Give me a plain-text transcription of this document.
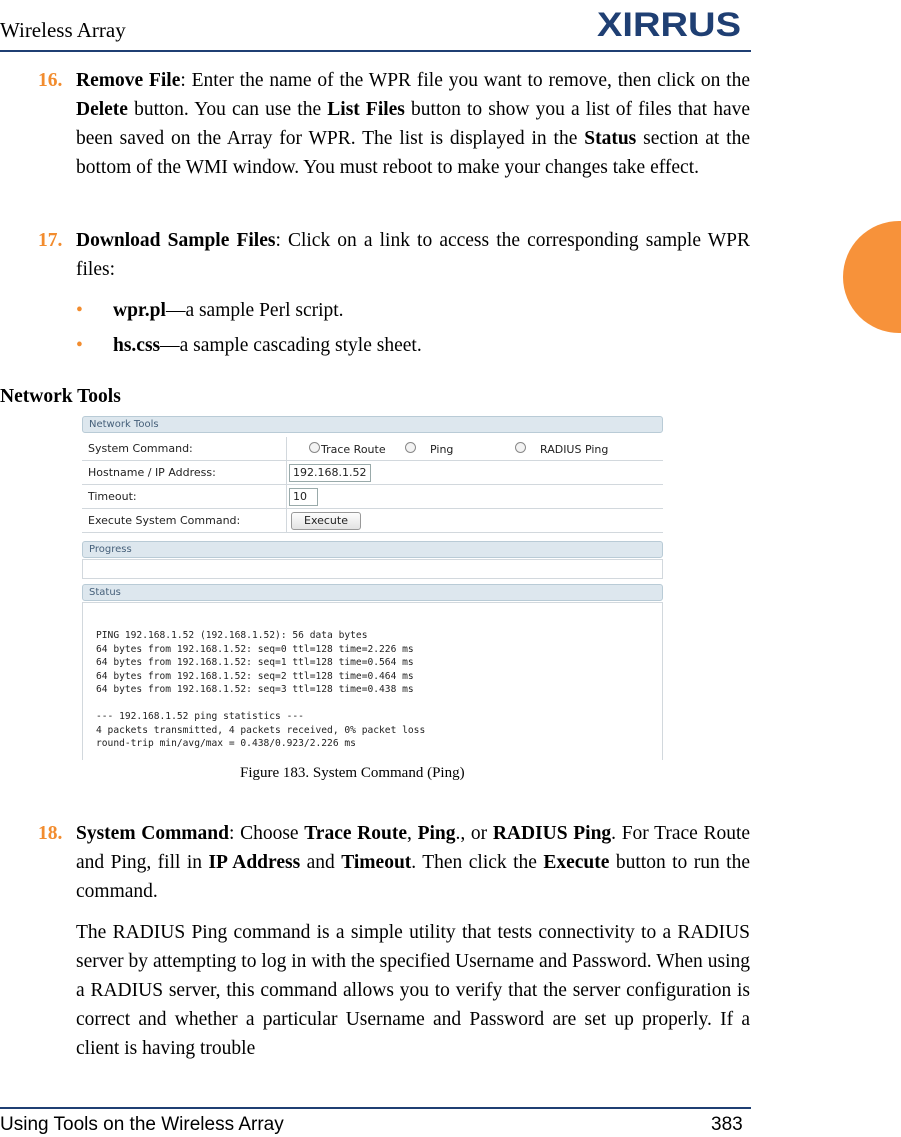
Wireless Array	XIRRUS
16. Remove File: Enter the name of the WPR file you want to remove, then click on the Delete button. You can use the List Files button to show you a list of files that have been saved on the Array for WPR. The list is displayed in the Status section at the bottom of the WMI window. You must reboot to make your changes take effect.
17. Download Sample Files: Click on a link to access the corresponding sample WPR files:
• wpr.pl—a sample Perl script.
• hs.css—a sample cascading style sheet.
Network Tools
Network Tools
System Command:	Trace Route	Ping	RADIUS Ping
Hostname / IP Address:	192.168.1.52
Timeout:	10
Execute System Command:	Execute
Progress
Status
PING 192.168.1.52 (192.168.1.52): 56 data bytes
64 bytes from 192.168.1.52: seq=0 ttl=128 time=2.226 ms
64 bytes from 192.168.1.52: seq=1 ttl=128 time=0.564 ms
64 bytes from 192.168.1.52: seq=2 ttl=128 time=0.464 ms
64 bytes from 192.168.1.52: seq=3 ttl=128 time=0.438 ms

--- 192.168.1.52 ping statistics ---
4 packets transmitted, 4 packets received, 0% packet loss
round-trip min/avg/max = 0.438/0.923/2.226 ms
Figure 183. System Command (Ping)
18. System Command: Choose Trace Route, Ping., or RADIUS Ping. For Trace Route and Ping, fill in IP Address and Timeout. Then click the Execute button to run the command.
The RADIUS Ping command is a simple utility that tests connectivity to a RADIUS server by attempting to log in with the specified Username and Password. When using a RADIUS server, this command allows you to verify that the server configuration is correct and whether a particular Username and Password are set up properly. If a client is having trouble
Using Tools on the Wireless Array	383
